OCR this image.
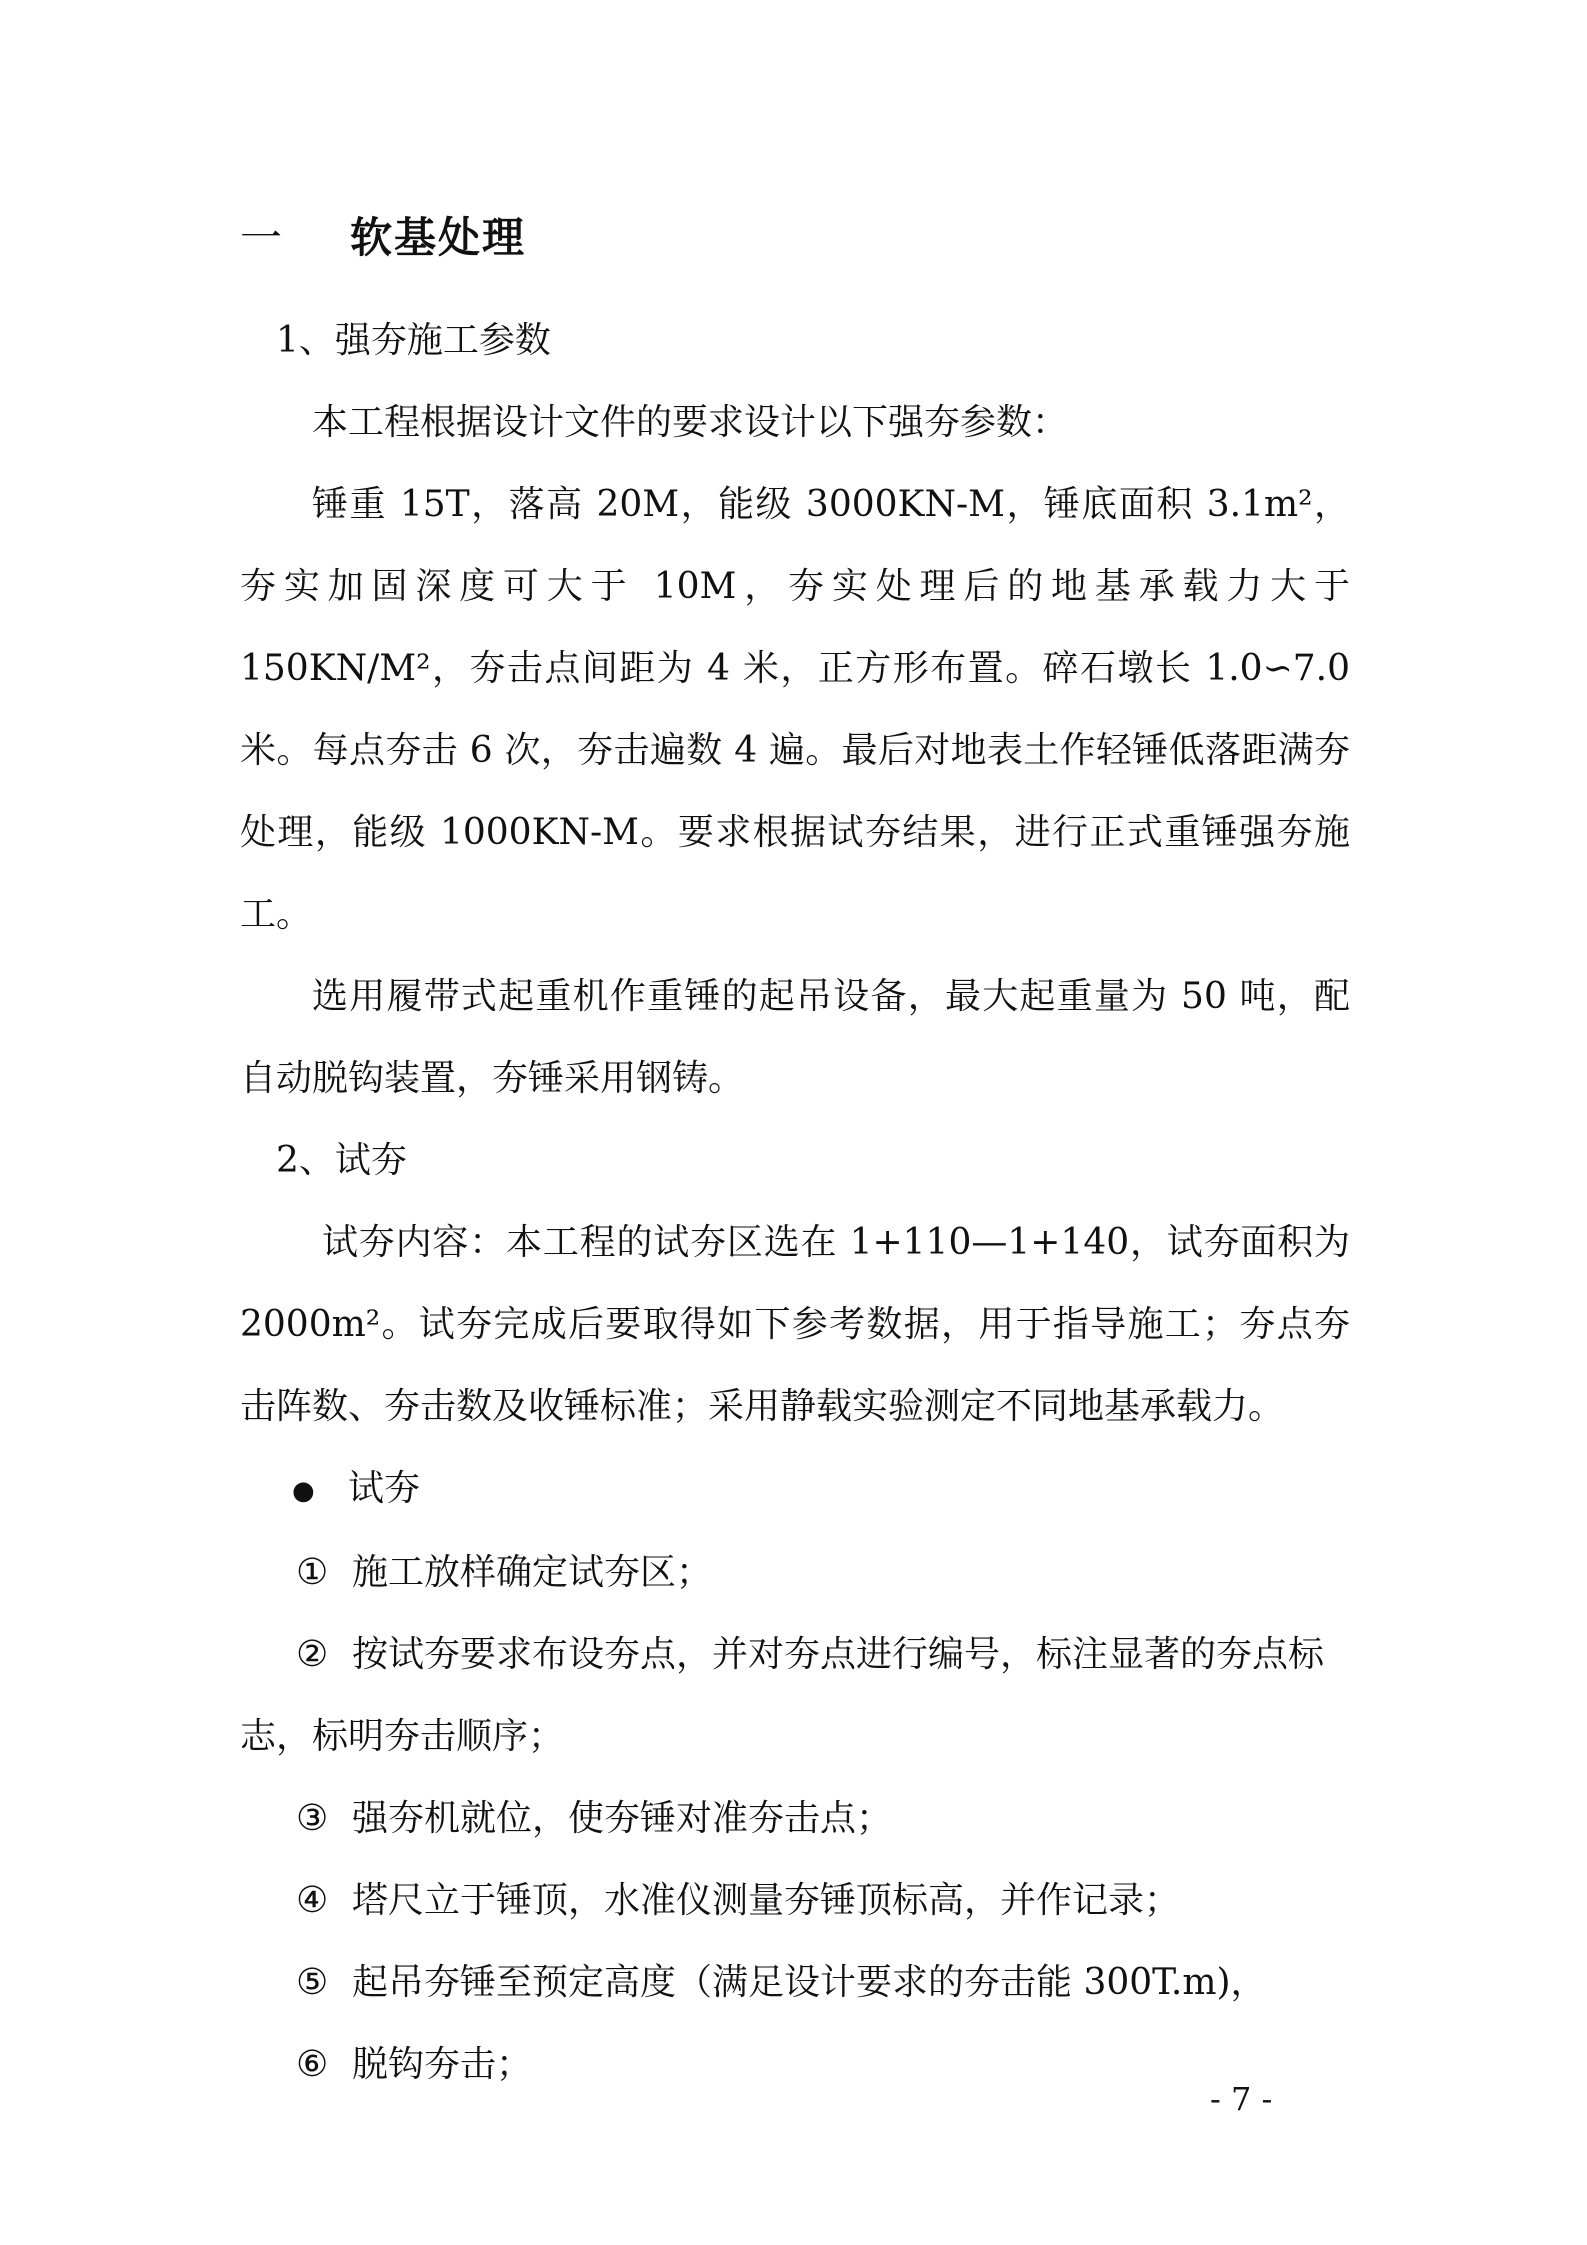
一 软基处理
1、强夯施工参数
本工程根据设计文件的要求设计以下强夯参数：
锤重 15T，落高 20M，能级 3000KN-M，锤底面积 3.1m²，夯实加固深度可大于 10M，夯实处理后的地基承载力大于 150KN/M²，夯击点间距为 4 米，正方形布置。碎石墩长 1.0∽7.0 米。每点夯击 6 次，夯击遍数 4 遍。最后对地表土作轻锤低落距满夯处理，能级 1000KN-M。要求根据试夯结果，进行正式重锤强夯施工。
选用履带式起重机作重锤的起吊设备，最大起重量为 50 吨，配自动脱钩装置，夯锤采用钢铸。
2、试夯
试夯内容：本工程的试夯区选在 1+110—1+140，试夯面积为 2000m²。试夯完成后要取得如下参考数据，用于指导施工；夯点夯击阵数、夯击数及收锤标准；采用静载实验测定不同地基承载力。
● 试夯
① 施工放样确定试夯区；
② 按试夯要求布设夯点，并对夯点进行编号，标注显著的夯点标志，标明夯击顺序；
③ 强夯机就位，使夯锤对准夯击点；
④ 塔尺立于锤顶，水准仪测量夯锤顶标高，并作记录；
⑤ 起吊夯锤至预定高度（满足设计要求的夯击能 300T.m)，
⑥ 脱钩夯击；
- 7 -
